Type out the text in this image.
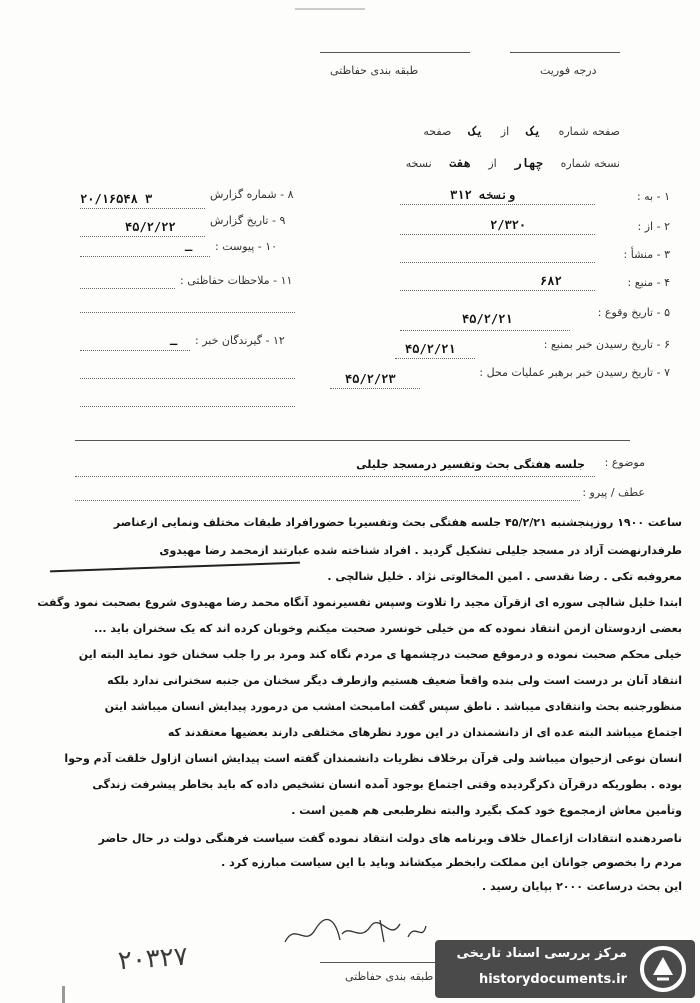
طبقه بندی حفاظتی	درجه فوریت
صفحه شماره یک از یک صفحه
نسخه شماره چهار از هفت نسخه
۱ - به :
۳۱۲ ونسخه
۲ - از :
۲/۳۲۰
۳ - منشأ :
۴ - منبع :
۶۸۲
۵ - تاریخ وقوع :
۴۵/۲/۲۱
۶ - تاریخ رسیدن خبر بمنبع :
۴۵/۲/۲۱
۷ - تاریخ رسیدن خبر برهبر عملیات محل :
۴۵/۲/۲۳
۸ - شماره گزارش
۲۰/۱۶۵۴۸ ۳
۹ - تاریخ گزارش
۴۵/۲/۲۲
۱۰ - پیوست :
ـ
۱۱ - ملاحظات حفاظتی :
۱۲ - گیرندگان خبر :
ـ
موضوع :
جلسه هفتگی بحث وتفسیر درمسجد جلیلی
عطف / پیرو :
ساعت ۱۹۰۰ روزپنجشنبه ۴۵/۲/۲۱ جلسه هفتگی بحث وتفسیربا حضورافراد طبقات مختلف ونمایی ازعناصر
طرفدارنهضت آزاد در مسجد جلیلی تشکیل گردید . افراد شناخته شده عبارتند ازمحمد رضا مهیدوی
معروفبه تکی . رضا نقدسی . امین المخالوتی نژاد . خلیل شالچی .
ابتدا خلیل شالچی سوره ای ازقرآن مجید را تلاوت وسپس تفسیرنمود آنگاه محمد رضا مهیدوی شروع بصحبت نمود وگفت
بعضی ازدوستان ازمن انتقاد نموده که من خیلی خونسرد صحبت میکنم وخوبان کرده اند که یک سخنران باید ...
خیلی محکم صحبت نموده و درموقع صحبت درچشمها ی مردم نگاه کند ومرد بر را جلب سخنان خود نماید البته این
انتقاد آنان بر درست است ولی بنده واقعاً ضعیف هستیم وازطرف دیگر سخنان من جنبه سخنرانی ندارد بلکه
منظورجنبه بحث وانتقادی میباشد . ناطق سپس گفت امامبحث امشب من درمورد پیدایش انسان میباشد ایتن
اجتماع میباشد البته عده ای از دانشمندان در این مورد نظرهای مختلفی دارند بعضیها معتقدند که
انسان نوعی ازحیوان میباشد ولی قرآن برخلاف نظریات دانشمندان گفته است پیدایش انسان ازاول خلقت آدم وحوا
بوده . بطوریکه درقرآن ذکرگردیده وقتی اجتماع بوجود آمده انسان تشخیص داده که باید بخاطر پیشرفت زندگی
وتأمین معاش ازمجموع خود کمک بگیرد والبته نظرطبعی هم همین است .
ناصردهنده انتقادات ازاعمال خلاف وبرنامه های دولت انتقاد نموده گفت سیاست فرهنگی دولت در حال حاضر
مردم را بخصوص جوانان این مملکت رابخطر میکشاند وباید با این سیاست مبارزه کرد .
این بحث درساعت ۲۰۰۰ بپایان رسید .
۲۰۳۲۷
طبقه بندی حفاظتی
مرکز بررسی اسناد تاریخی
historydocuments.ir
